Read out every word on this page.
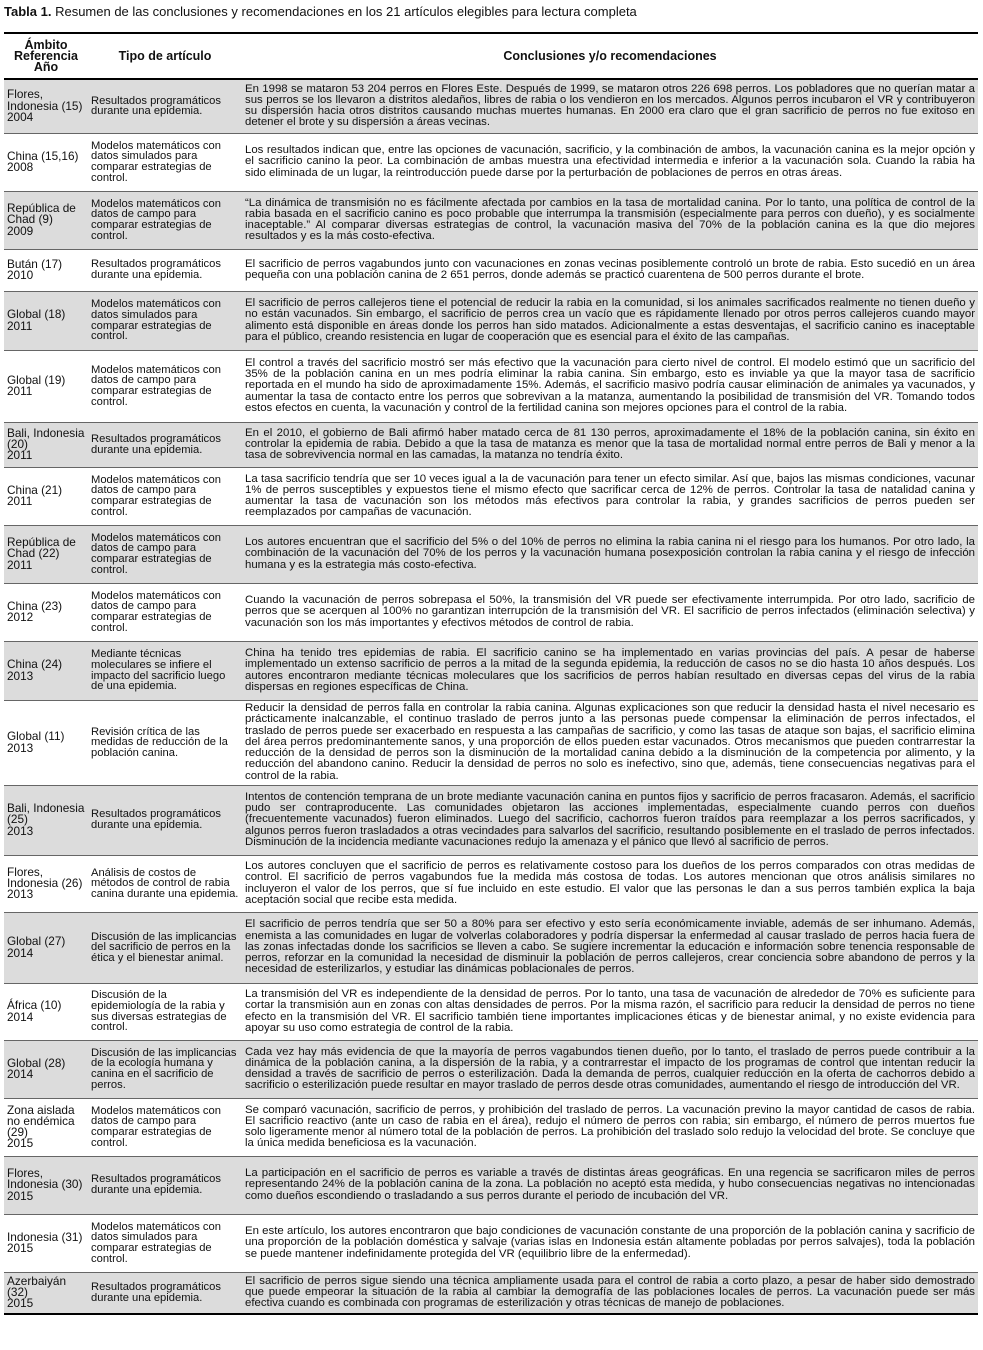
Tabla 1. Resumen de las conclusiones y recomendaciones en los 21 artículos elegibles para lectura completa
Ámbito
Referencia
Año	Tipo de artículo	Conclusiones y/o recomendaciones
Flores, Indonesia (15)
2004	Resultados programáticos durante una epidemia.	En 1998 se mataron 53 204 perros en Flores Este. Después de 1999, se mataron otros 226 698 perros. Los pobladores que no querían matar a sus perros se los llevaron a distritos aledaños, libres de rabia o los vendieron en los mercados. Algunos perros incubaron el VR y contribuyeron su dispersión hacia otros distritos causando muchas muertes humanas. En 2000 era claro que el gran sacrificio de perros no fue exitoso en detener el brote y su dispersión a áreas vecinas.
China (15,16)
2008	Modelos matemáticos con datos simulados para comparar estrategias de control.	Los resultados indican que, entre las opciones de vacunación, sacrificio, y la combinación de ambos, la vacunación canina es la mejor opción y el sacrificio canino la peor. La combinación de ambas muestra una efectividad intermedia e inferior a la vacunación sola. Cuando la rabia ha sido eliminada de un lugar, la reintroducción puede darse por la perturbación de poblaciones de perros en otras áreas.
República de Chad (9)
2009	Modelos matemáticos con datos de campo para comparar estrategias de control.	“La dinámica de transmisión no es fácilmente afectada por cambios en la tasa de mortalidad canina. Por lo tanto, una política de control de la rabia basada en el sacrificio canino es poco probable que interrumpa la transmisión (especialmente para perros con dueño), y es socialmente inaceptable.” Al comparar diversas estrategias de control, la vacunación masiva del 70% de la población canina es la que dio mejores resultados y es la más costo-efectiva.
Bután (17)
2010	Resultados programáticos durante una epidemia.	El sacrificio de perros vagabundos junto con vacunaciones en zonas vecinas posiblemente controló un brote de rabia. Esto sucedió en un área pequeña con una población canina de 2 651 perros, donde además se practicó cuarentena de 500 perros durante el brote.
Global (18)
2011	Modelos matemáticos con datos simulados para comparar estrategias de control.	El sacrificio de perros callejeros tiene el potencial de reducir la rabia en la comunidad, si los animales sacrificados realmente no tienen dueño y no están vacunados. Sin embargo, el sacrificio de perros crea un vacío que es rápidamente llenado por otros perros callejeros cuando mayor alimento está disponible en áreas donde los perros han sido matados. Adicionalmente a estas desventajas, el sacrificio canino es inaceptable para el público, creando resistencia en lugar de cooperación que es esencial para el éxito de las campañas.
Global (19)
2011	Modelos matemáticos con datos de campo para comparar estrategias de control.	El control a través del sacrificio mostró ser más efectivo que la vacunación para cierto nivel de control. El modelo estimó que un sacrificio del 35% de la población canina en un mes podría eliminar la rabia canina. Sin embargo, esto es inviable ya que la mayor tasa de sacrificio reportada en el mundo ha sido de aproximadamente 15%. Además, el sacrificio masivo podría causar eliminación de animales ya vacunados, y aumentar la tasa de contacto entre los perros que sobrevivan a la matanza, aumentando la posibilidad de transmisión del VR. Tomando todos estos efectos en cuenta, la vacunación y control de la fertilidad canina son mejores opciones para el control de la rabia.
Bali, Indonesia (20)
2011	Resultados programáticos durante una epidemia.	En el 2010, el gobierno de Bali afirmó haber matado cerca de 81 130 perros, aproximadamente el 18% de la población canina, sin éxito en controlar la epidemia de rabia. Debido a que la tasa de matanza es menor que la tasa de mortalidad normal entre perros de Bali y menor a la tasa de sobrevivencia normal en las camadas, la matanza no tendría éxito.
China (21)
2011	Modelos matemáticos con datos de campo para comparar estrategias de control.	La tasa sacrificio tendría que ser 10 veces igual a la de vacunación para tener un efecto similar. Así que, bajos las mismas condiciones, vacunar 1% de perros susceptibles y expuestos tiene el mismo efecto que sacrificar cerca de 12% de perros. Controlar la tasa de natalidad canina y aumentar la tasa de vacunación son los métodos más efectivos para controlar la rabia, y grandes sacrificios de perros pueden ser reemplazados por campañas de vacunación.
República de Chad (22)
2011	Modelos matemáticos con datos de campo para comparar estrategias de control.	Los autores encuentran que el sacrificio del 5% o del 10% de perros no elimina la rabia canina ni el riesgo para los humanos. Por otro lado, la combinación de la vacunación del 70% de los perros y la vacunación humana posexposición controlan la rabia canina y el riesgo de infección humana y es la estrategia más costo-efectiva.
China (23)
2012	Modelos matemáticos con datos de campo para comparar estrategias de control.	Cuando la vacunación de perros sobrepasa el 50%, la transmisión del VR puede ser efectivamente interrumpida. Por otro lado, sacrificio de perros que se acerquen al 100% no garantizan interrupción de la transmisión del VR. El sacrificio de perros infectados (eliminación selectiva) y vacunación son los más importantes y efectivos métodos de control de rabia.
China (24)
2013	Mediante técnicas moleculares se infiere el impacto del sacrificio luego de una epidemia.	China ha tenido tres epidemias de rabia. El sacrificio canino se ha implementado en varias provincias del país. A pesar de haberse implementado un extenso sacrificio de perros a la mitad de la segunda epidemia, la reducción de casos no se dio hasta 10 años después. Los autores encontraron mediante técnicas moleculares que los sacrificios de perros habían resultado en diversas cepas del virus de la rabia dispersas en regiones específicas de China.
Global (11)
2013	Revisión crítica de las medidas de reducción de la población canina.	Reducir la densidad de perros falla en controlar la rabia canina. Algunas explicaciones son que reducir la densidad hasta el nivel necesario es prácticamente inalcanzable, el continuo traslado de perros junto a las personas puede compensar la eliminación de perros infectados, el traslado de perros puede ser exacerbado en respuesta a las campañas de sacrificio, y como las tasas de ataque son bajas, el sacrificio elimina del área perros predominantemente sanos, y una proporción de ellos pueden estar vacunados. Otros mecanismos que pueden contrarrestar la reducción de la densidad de perros son la disminución de la mortalidad canina debido a la disminución de la competencia por alimento, y la reducción del abandono canino. Reducir la densidad de perros no solo es inefectivo, sino que, además, tiene consecuencias negativas para el control de la rabia.
Bali, Indonesia (25)
2013	Resultados programáticos durante una epidemia.	Intentos de contención temprana de un brote mediante vacunación canina en puntos fijos y sacrificio de perros fracasaron. Además, el sacrificio pudo ser contraproducente. Las comunidades objetaron las acciones implementadas, especialmente cuando perros con dueños (frecuentemente vacunados) fueron eliminados. Luego del sacrificio, cachorros fueron traídos para reemplazar a los perros sacrificados, y algunos perros fueron trasladados a otras vecindades para salvarlos del sacrificio, resultando posiblemente en el traslado de perros infectados. Disminución de la incidencia mediante vacunaciones redujo la amenaza y el pánico que llevó al sacrificio de perros.
Flores, Indonesia (26)
2013	Análisis de costos de métodos de control de rabia canina durante una epidemia.	Los autores concluyen que el sacrificio de perros es relativamente costoso para los dueños de los perros comparados con otras medidas de control. El sacrificio de perros vagabundos fue la medida más costosa de todas. Los autores mencionan que otros análisis similares no incluyeron el valor de los perros, que sí fue incluido en este estudio. El valor que las personas le dan a sus perros también explica la baja aceptación social que recibe esta medida.
Global (27)
2014	Discusión de las implicancias del sacrificio de perros en la ética y el bienestar animal.	El sacrificio de perros tendría que ser 50 a 80% para ser efectivo y esto sería económicamente inviable, además de ser inhumano. Además, enemista a las comunidades en lugar de volverlas colaboradores y podría dispersar la enfermedad al causar traslado de perros hacia fuera de las zonas infectadas donde los sacrificios se lleven a cabo. Se sugiere incrementar la educación e información sobre tenencia responsable de perros, reforzar en la comunidad la necesidad de disminuir la población de perros callejeros, crear conciencia sobre abandono de perros y la necesidad de esterilizarlos, y estudiar las dinámicas poblacionales de perros.
África (10)
2014	Discusión de la epidemiología de la rabia y sus diversas estrategias de control.	La transmisión del VR es independiente de la densidad de perros. Por lo tanto, una tasa de vacunación de alrededor de 70% es suficiente para cortar la transmisión aun en zonas con altas densidades de perros. Por la misma razón, el sacrificio para reducir la densidad de perros no tiene efecto en la transmisión del VR. El sacrificio también tiene importantes implicaciones éticas y de bienestar animal, y no existe evidencia para apoyar su uso como estrategia de control de la rabia.
Global (28)
2014	Discusión de las implicancias de la ecología humana y canina en el sacrificio de perros.	Cada vez hay más evidencia de que la mayoría de perros vagabundos tienen dueño, por lo tanto, el traslado de perros puede contribuir a la dinámica de la población canina, a la dispersión de la rabia, y a contrarrestar el impacto de los programas de control que intentan reducir la densidad a través de sacrificio de perros o esterilización. Dada la demanda de perros, cualquier reducción en la oferta de cachorros debido a sacrificio o esterilización puede resultar en mayor traslado de perros desde otras comunidades, aumentando el riesgo de introducción del VR.
Zona aislada no endémica (29)
2015	Modelos matemáticos con datos de campo para comparar estrategias de control.	Se comparó vacunación, sacrificio de perros, y prohibición del traslado de perros. La vacunación previno la mayor cantidad de casos de rabia. El sacrificio reactivo (ante un caso de rabia en el área), redujo el número de perros con rabia; sin embargo, el número de perros muertos fue solo ligeramente menor al número total de la población de perros. La prohibición del traslado solo redujo la velocidad del brote. Se concluye que la única medida beneficiosa es la vacunación.
Flores, Indonesia (30)
2015	Resultados programáticos durante una epidemia.	La participación en el sacrificio de perros es variable a través de distintas áreas geográficas. En una regencia se sacrificaron miles de perros representando 24% de la población canina de la zona. La población no aceptó esta medida, y hubo consecuencias negativas no intencionadas como dueños escondiendo o trasladando a sus perros durante el periodo de incubación del VR.
Indonesia (31)
2015	Modelos matemáticos con datos simulados para comparar estrategias de control.	En este artículo, los autores encontraron que bajo condiciones de vacunación constante de una proporción de la población canina y sacrificio de una proporción de la población doméstica y salvaje (varias islas en Indonesia están altamente pobladas por perros salvajes), toda la población se puede mantener indefinidamente protegida del VR (equilibrio libre de la enfermedad).
Azerbaiyán (32)
2015	Resultados programáticos durante una epidemia.	El sacrificio de perros sigue siendo una técnica ampliamente usada para el control de rabia a corto plazo, a pesar de haber sido demostrado que puede empeorar la situación de la rabia al cambiar la demografía de las poblaciones locales de perros. La vacunación puede ser más efectiva cuando es combinada con programas de esterilización y otras técnicas de manejo de poblaciones.
